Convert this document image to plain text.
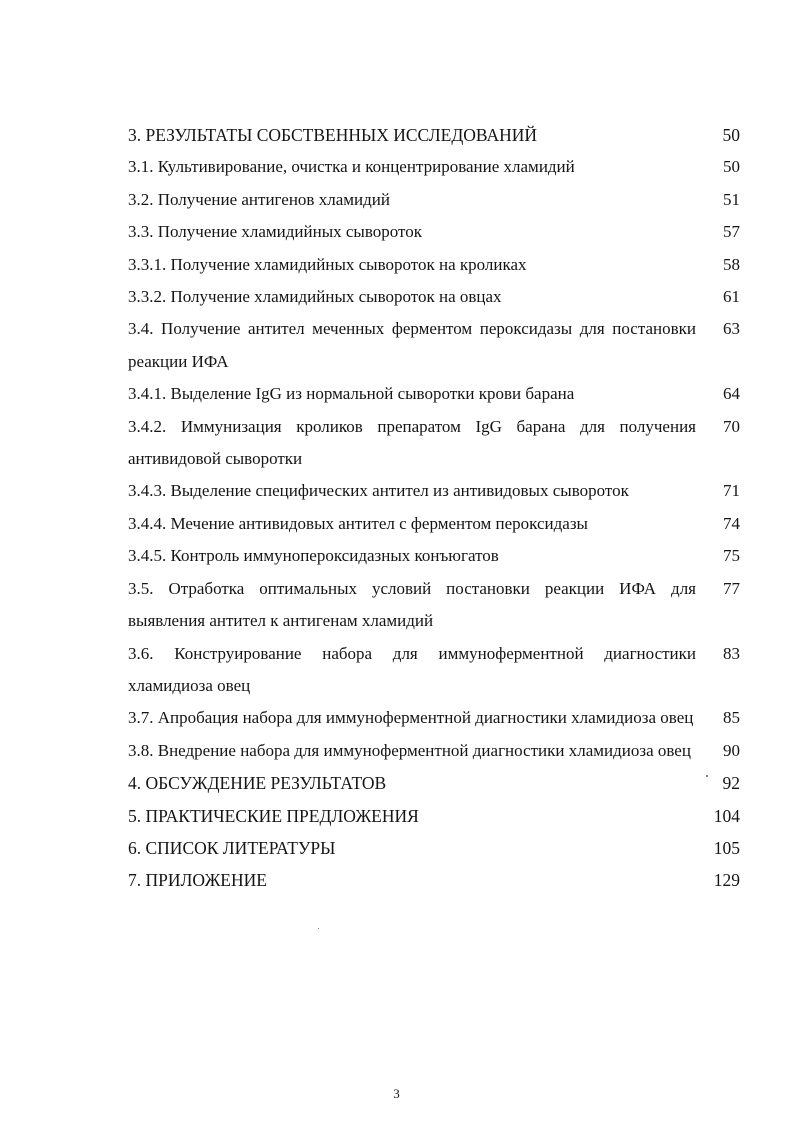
3. РЕЗУЛЬТАТЫ СОБСТВЕННЫХ ИССЛЕДОВАНИЙ	50
3.1. Культивирование, очистка и концентрирование хламидий	50
3.2. Получение антигенов хламидий	51
3.3. Получение хламидийных сывороток	57
3.3.1. Получение хламидийных сывороток на кроликах	58
3.3.2. Получение хламидийных сывороток на овцах	61
3.4. Получение антител меченных ферментом пероксидазы для постановки реакции ИФА
63
3.4.1. Выделение IgG из нормальной сыворотки крови барана	64
3.4.2. Иммунизация кроликов препаратом IgG барана для получения антивидовой сыворотки
70
3.4.3. Выделение специфических антител из антивидовых сывороток	71
3.4.4. Мечение антивидовых антител с ферментом пероксидазы	74
3.4.5. Контроль иммунопероксидазных конъюгатов	75
3.5. Отработка оптимальных условий постановки реакции ИФА для выявления антител к антигенам хламидий
77
3.6. Конструирование набора для иммуноферментной диагностики хламидиоза овец
83
3.7. Апробация набора для иммуноферментной диагностики хламидиоза овец 85
3.8. Внедрение набора для иммуноферментной диагностики хламидиоза овец 90
4. ОБСУЖДЕНИЕ РЕЗУЛЬТАТОВ	92
5. ПРАКТИЧЕСКИЕ ПРЕДЛОЖЕНИЯ	104
6. СПИСОК ЛИТЕРАТУРЫ	105
7. ПРИЛОЖЕНИЕ	129
3
